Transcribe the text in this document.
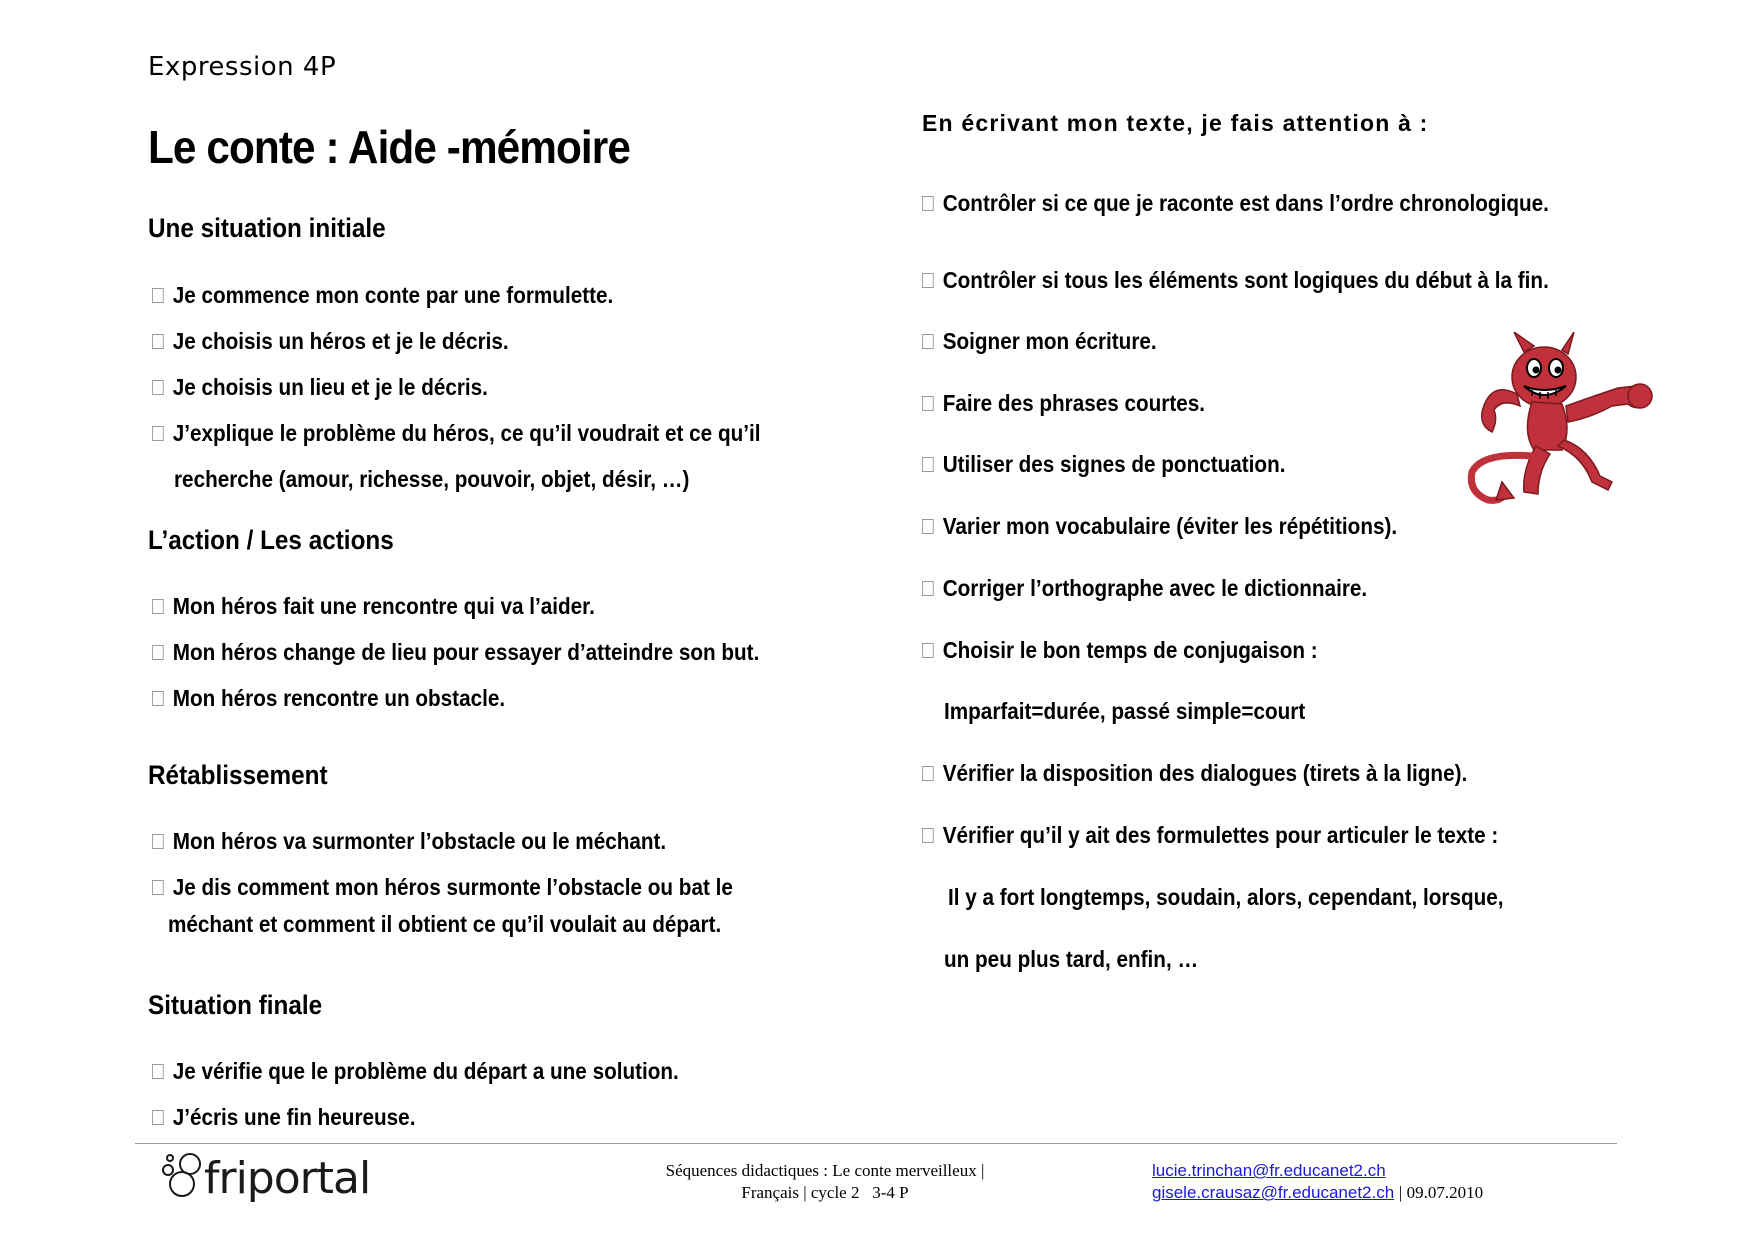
Expression 4P
Le conte : Aide -mémoire
Une situation initiale
Je commence mon conte par une formulette.
Je choisis un héros et je le décris.
Je choisis un lieu et je le décris.
J’explique le problème du héros, ce qu’il voudrait et ce qu’il
recherche (amour, richesse, pouvoir, objet, désir, …)
L’action / Les actions
Mon héros fait une rencontre qui va l’aider.
Mon héros change de lieu pour essayer d’atteindre son but.
Mon héros rencontre un obstacle.
Rétablissement
Mon héros va surmonter l’obstacle ou le méchant.
Je dis comment mon héros surmonte l’obstacle ou bat le
méchant et comment il obtient ce qu’il voulait au départ.
Situation finale
Je vérifie que le problème du départ a une solution.
J’écris une fin heureuse.
En écrivant mon texte, je fais attention à :
Contrôler si ce que je raconte est dans l’ordre chronologique.
Contrôler si tous les éléments sont logiques du début à la fin.
Soigner mon écriture.
Faire des phrases courtes.
Utiliser des signes de ponctuation.
Varier mon vocabulaire (éviter les répétitions).
Corriger l’orthographe avec le dictionnaire.
Choisir le bon temps de conjugaison :
Imparfait=durée, passé simple=court
Vérifier la disposition des dialogues (tirets à la ligne).
Vérifier qu’il y ait des formulettes pour articuler le texte :
Il y a fort longtemps, soudain, alors, cependant, lorsque,
un peu plus tard, enfin, …
friportal	Séquences didactiques : Le conte merveilleux |
Français | cycle 2   3-4 P
lucie.trinchan@fr.educanet2.ch
gisele.crausaz@fr.educanet2.ch | 09.07.2010
